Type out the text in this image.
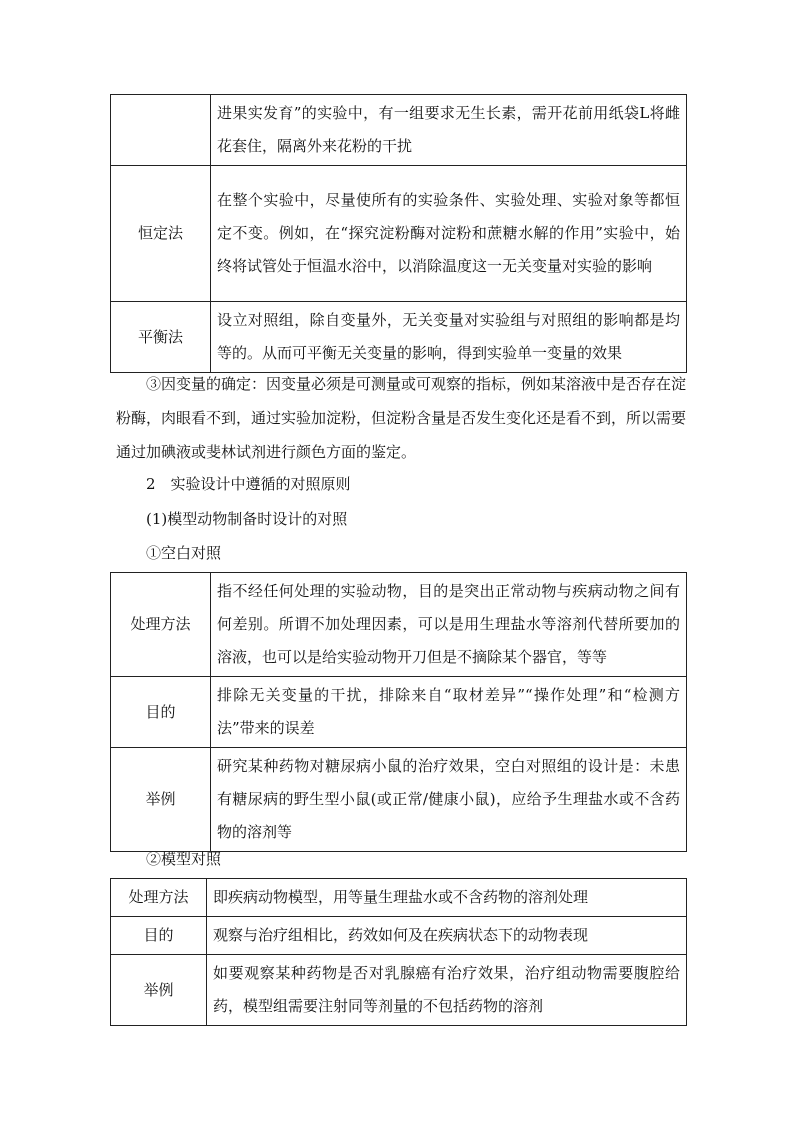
	进果实发育”的实验中，有一组要求无生长素，需开花前用纸袋L将雌花套住，隔离外来花粉的干扰
恒定法	在整个实验中，尽量使所有的实验条件、实验处理、实验对象等都恒定不变。例如，在“探究淀粉酶对淀粉和蔗糖水解的作用”实验中，始终将试管处于恒温水浴中，以消除温度这一无关变量对实验的影响
平衡法	设立对照组，除自变量外，无关变量对实验组与对照组的影响都是均等的。从而可平衡无关变量的影响，得到实验单一变量的效果
③因变量的确定：因变量必须是可测量或可观察的指标，例如某溶液中是否存在淀粉酶，肉眼看不到，通过实验加淀粉，但淀粉含量是否发生变化还是看不到，所以需要通过加碘液或斐林试剂进行颜色方面的鉴定。
2　实验设计中遵循的对照原则
(1)模型动物制备时设计的对照
①空白对照
处理方法	指不经任何处理的实验动物，目的是突出正常动物与疾病动物之间有何差别。所谓不加处理因素，可以是用生理盐水等溶剂代替所要加的溶液，也可以是给实验动物开刀但是不摘除某个器官，等等
目的	排除无关变量的干扰，排除来自“取材差异”“操作处理”和“检测方法”带来的误差
举例	研究某种药物对糖尿病小鼠的治疗效果，空白对照组的设计是：未患有糖尿病的野生型小鼠(或正常/健康小鼠)，应给予生理盐水或不含药物的溶剂等
②模型对照
处理方法	即疾病动物模型，用等量生理盐水或不含药物的溶剂处理
目的	观察与治疗组相比，药效如何及在疾病状态下的动物表现
举例	如要观察某种药物是否对乳腺癌有治疗效果，治疗组动物需要腹腔给药，模型组需要注射同等剂量的不包括药物的溶剂
